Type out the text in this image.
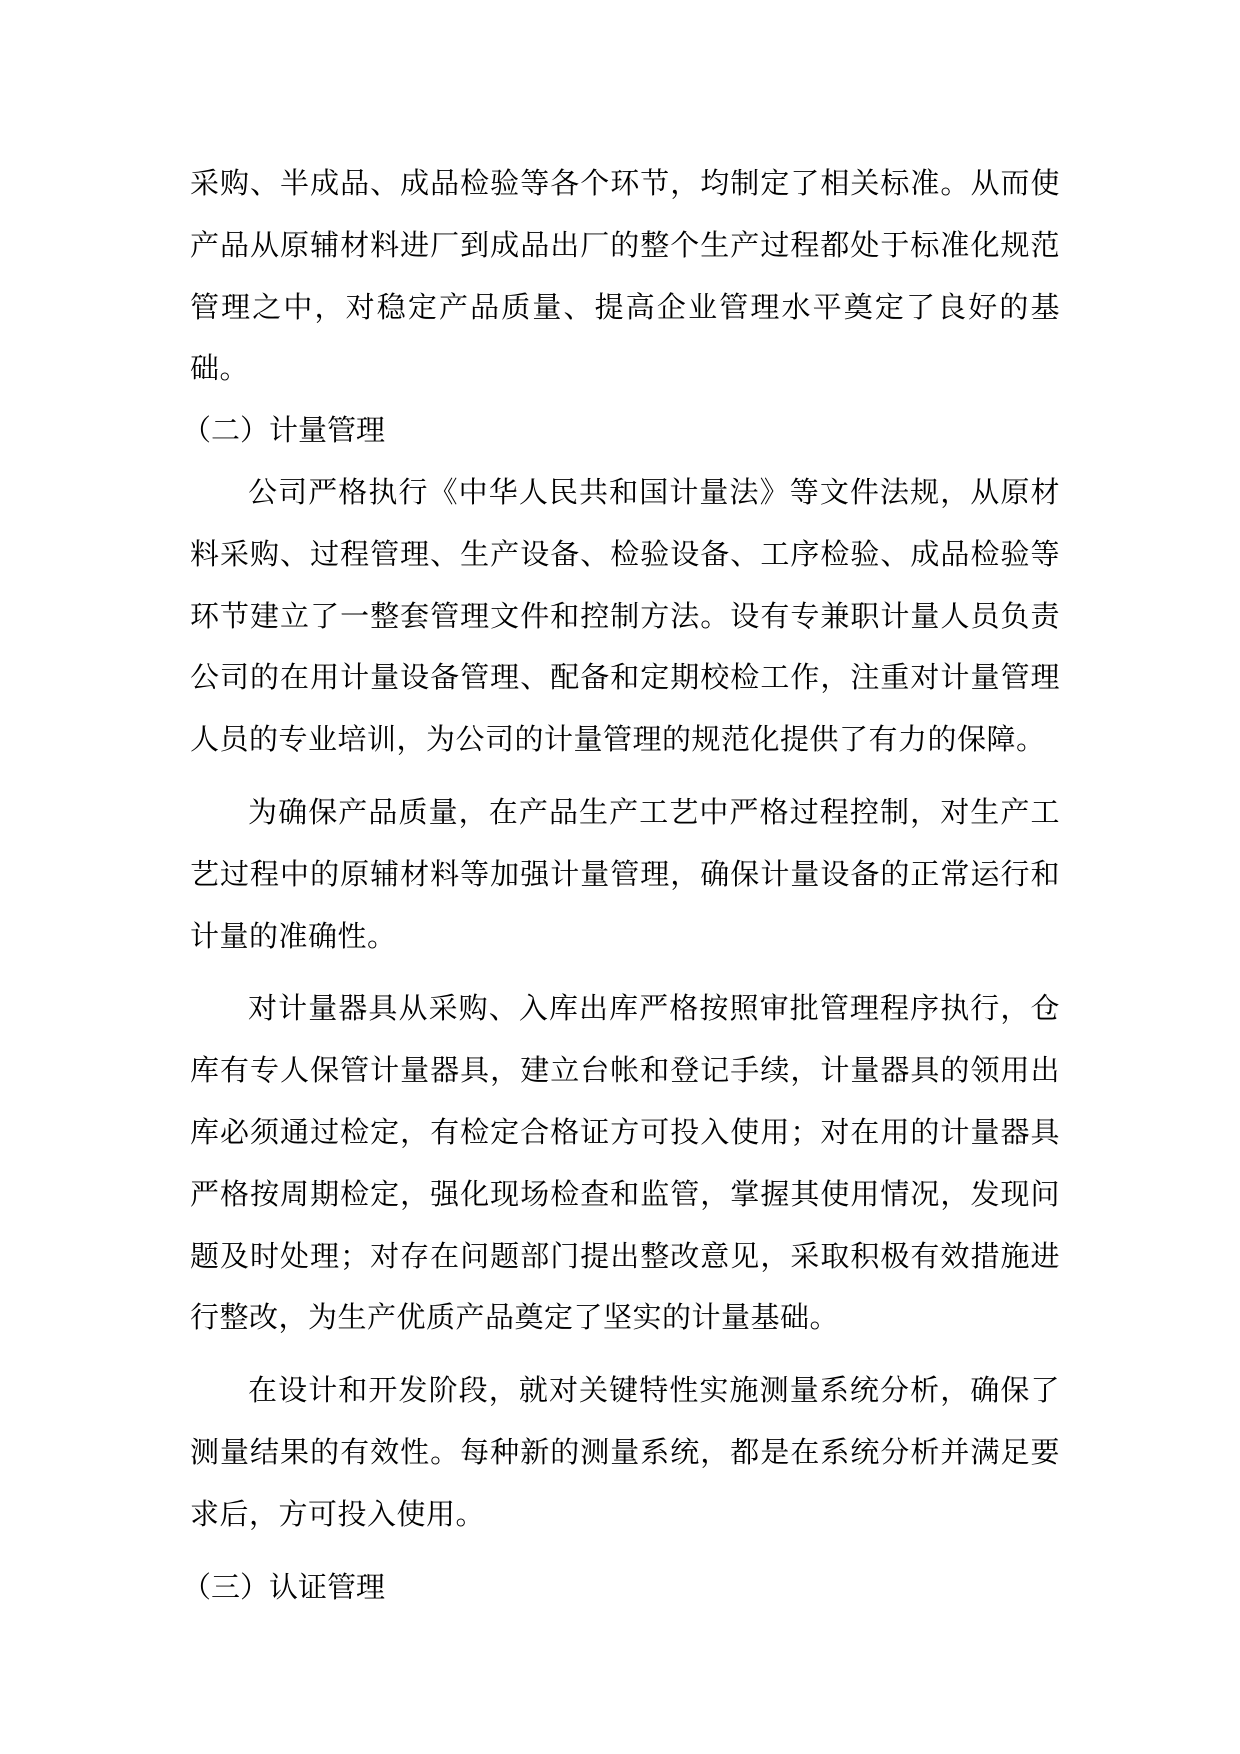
采购、半成品、成品检验等各个环节，均制定了相关标准。从而使产品从原辅材料进厂到成品出厂的整个生产过程都处于标准化规范管理之中，对稳定产品质量、提高企业管理水平奠定了良好的基础。

（二）计量管理

公司严格执行《中华人民共和国计量法》等文件法规，从原材料采购、过程管理、生产设备、检验设备、工序检验、成品检验等环节建立了一整套管理文件和控制方法。设有专兼职计量人员负责公司的在用计量设备管理、配备和定期校检工作，注重对计量管理人员的专业培训，为公司的计量管理的规范化提供了有力的保障。

为确保产品质量，在产品生产工艺中严格过程控制，对生产工艺过程中的原辅材料等加强计量管理，确保计量设备的正常运行和计量的准确性。

对计量器具从采购、入库出库严格按照审批管理程序执行，仓库有专人保管计量器具，建立台帐和登记手续，计量器具的领用出库必须通过检定，有检定合格证方可投入使用；对在用的计量器具严格按周期检定，强化现场检查和监管，掌握其使用情况，发现问题及时处理；对存在问题部门提出整改意见，采取积极有效措施进行整改，为生产优质产品奠定了坚实的计量基础。

在设计和开发阶段，就对关键特性实施测量系统分析，确保了测量结果的有效性。每种新的测量系统，都是在系统分析并满足要求后，方可投入使用。

（三）认证管理
